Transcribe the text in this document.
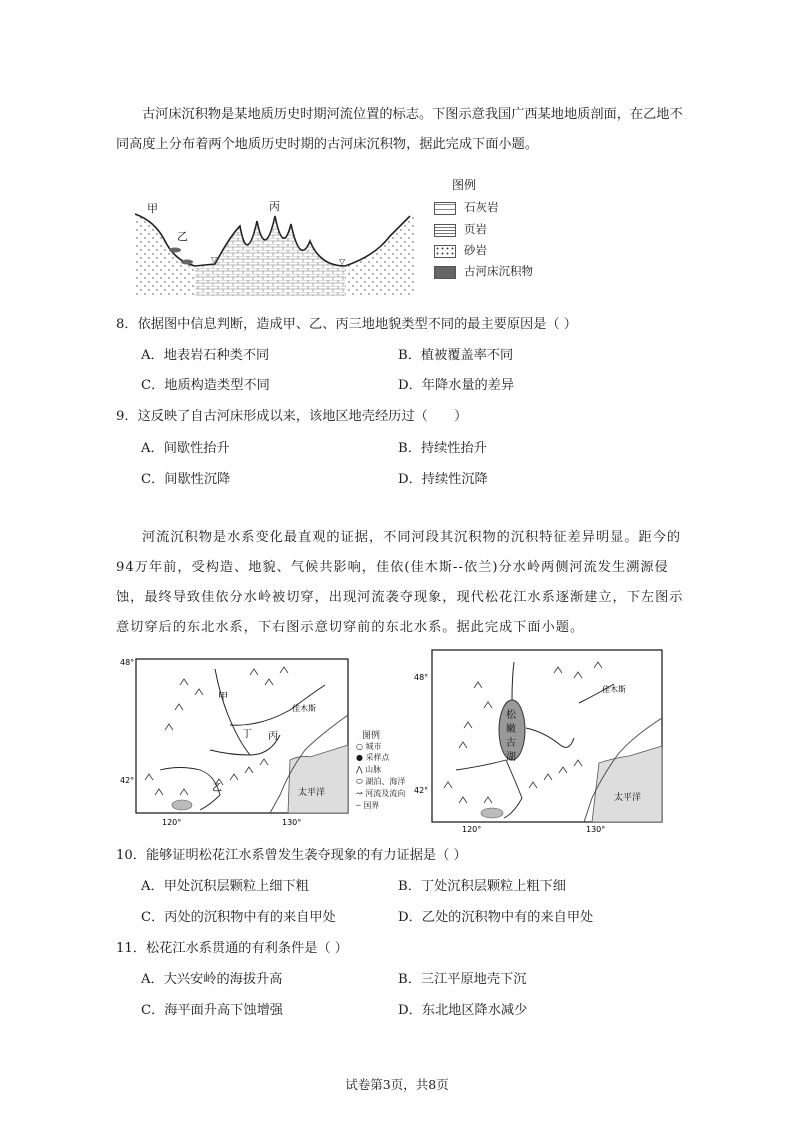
古河床沉积物是某地质历史时期河流位置的标志。下图示意我国广西某地地质剖面，在乙地不同高度上分布着两个地质历史时期的古河床沉积物，据此完成下面小题。
▽	▽
甲
乙
丙
图例
石灰岩
页岩
砂岩
古河床沉积物
8．依据图中信息判断，造成甲、乙、丙三地地貌类型不同的最主要原因是（ ）
A．地表岩石种类不同	B．植被覆盖率不同
C．地质构造类型不同	D．年降水量的差异
9．这反映了自古河床形成以来，该地区地壳经历过（　　）
A．间歇性抬升	B．持续性抬升
C．间歇性沉降	D．持续性沉降
河流沉积物是水系变化最直观的证据，不同河段其沉积物的沉积特征差异明显。距今的94万年前，受构造、地貌、气候共影响，佳依(佳木斯--依兰)分水岭两侧河流发生溯源侵蚀，最终导致佳依分水岭被切穿，出现河流袭夺现象，现代松花江水系逐渐建立，下左图示意切穿后的东北水系，下右图示意切穿前的东北水系。据此完成下面小题。
48°
42°
120°	130°
甲
丁 丙
乙
佳木斯
太平洋
图例
○ 城市
● 采样点
⋀ 山脉
⬭ 湖泊、海洋
↝ 河流及流向
┄ 国界
48°
42°
120°	130°
松
嫩
古
湖
佳木斯
太平洋
10．能够证明松花江水系曾发生袭夺现象的有力证据是（ ）
A．甲处沉积层颗粒上细下粗	B．丁处沉积层颗粒上粗下细
C．丙处的沉积物中有的来自甲处	D．乙处的沉积物中有的来自甲处
11．松花江水系贯通的有利条件是（ ）
A．大兴安岭的海拔升高	B．三江平原地壳下沉
C．海平面升高下蚀增强	D．东北地区降水减少
试卷第3页，共8页
